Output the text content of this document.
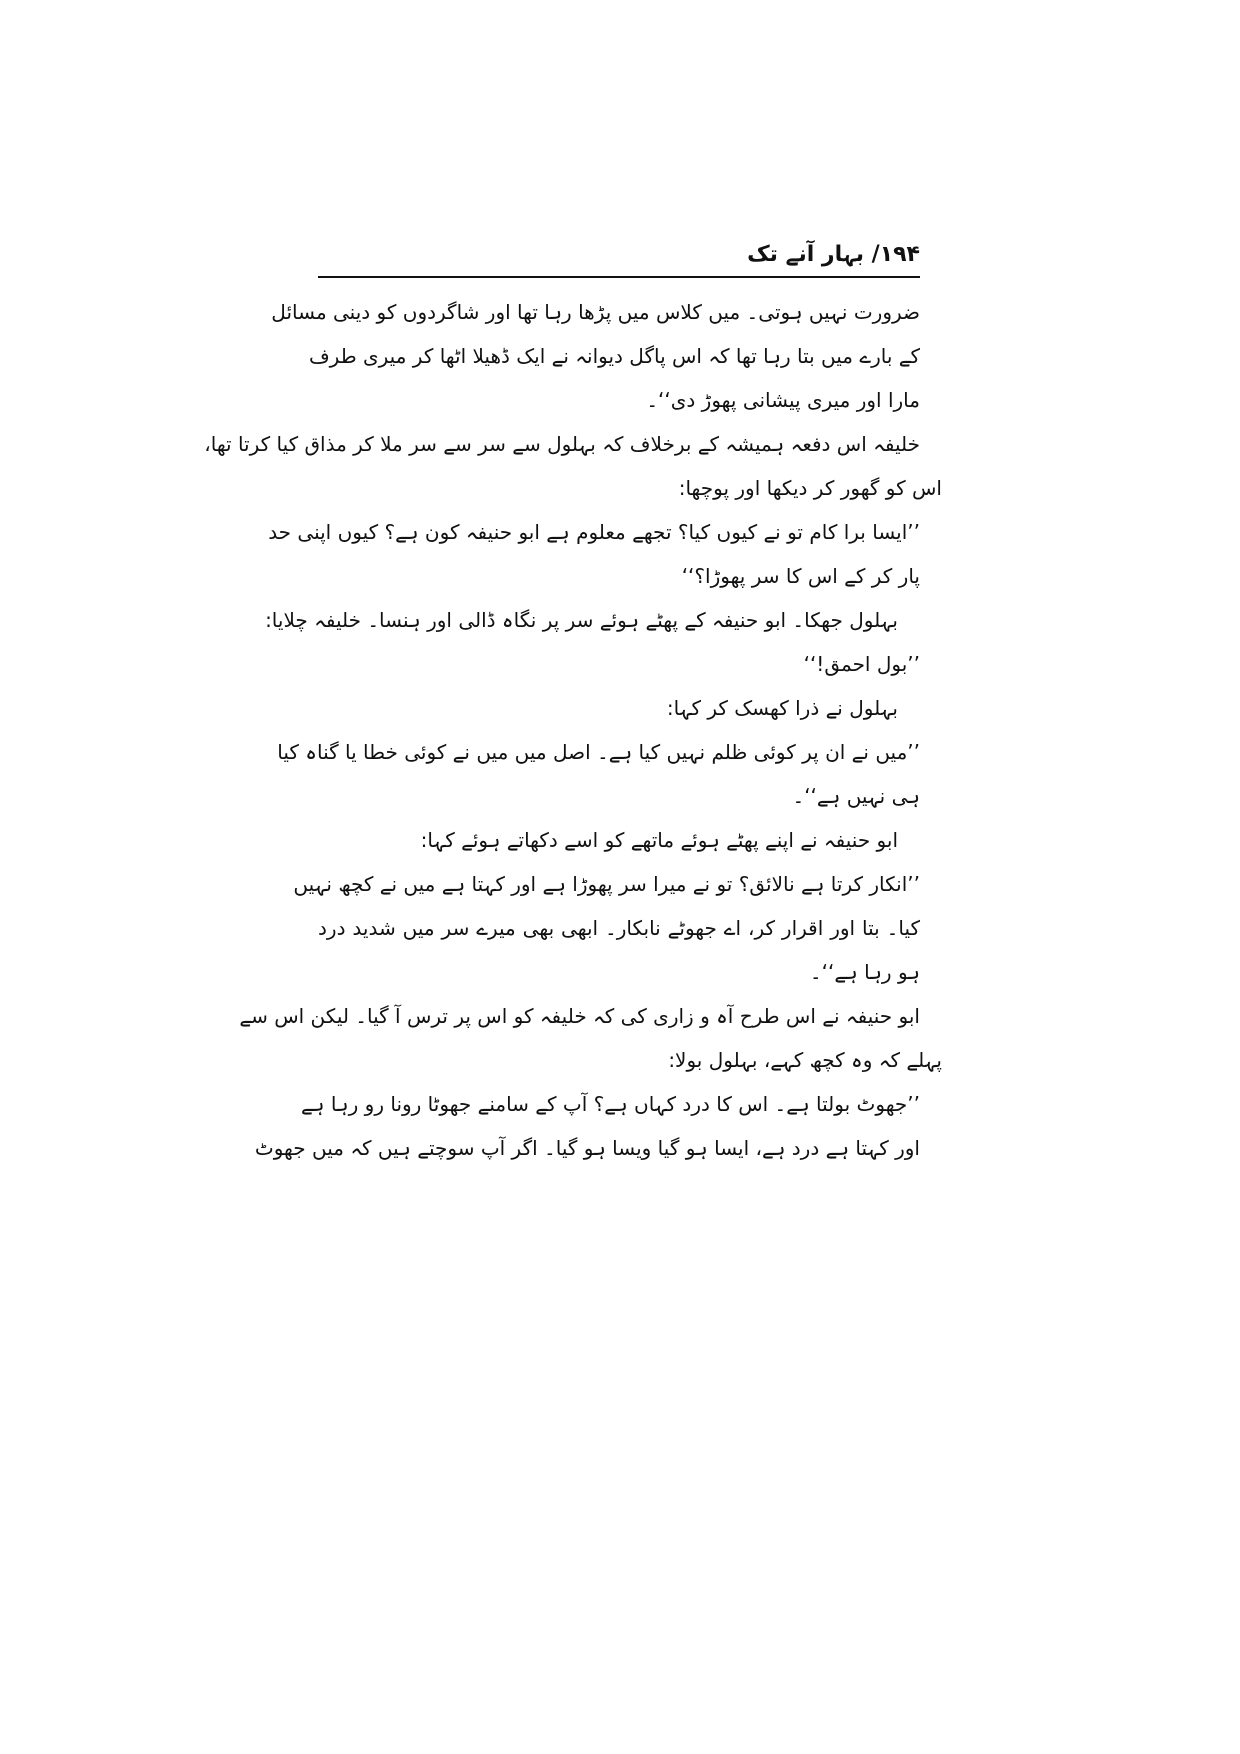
۱۹۴/ بہار آنے تک
ضرورت نہیں ہوتی۔ میں کلاس میں پڑھا رہا تھا اور شاگردوں کو دینی مسائل
کے بارے میں بتا رہا تھا کہ اس پاگل دیوانہ نے ایک ڈھیلا اٹھا کر میری طرف
مارا اور میری پیشانی پھوڑ دی‘‘۔
خلیفہ اس دفعہ ہمیشہ کے برخلاف کہ بہلول سے سر سے سر ملا کر مذاق کیا کرتا تھا،
اس کو گھور کر دیکھا اور پوچھا:
’’ایسا برا کام تو نے کیوں کیا؟ تجھے معلوم ہے ابو حنیفہ کون ہے؟ کیوں اپنی حد
پار کر کے اس کا سر پھوڑا؟‘‘
بہلول جھکا۔ ابو حنیفہ کے پھٹے ہوئے سر پر نگاہ ڈالی اور ہنسا۔ خلیفہ چلایا:
’’بول احمق!‘‘
بہلول نے ذرا کھسک کر کہا:
’’میں نے ان پر کوئی ظلم نہیں کیا ہے۔ اصل میں میں نے کوئی خطا یا گناہ کیا
ہی نہیں ہے‘‘۔
ابو حنیفہ نے اپنے پھٹے ہوئے ماتھے کو اسے دکھاتے ہوئے کہا:
’’انکار کرتا ہے نالائق؟ تو نے میرا سر پھوڑا ہے اور کہتا ہے میں نے کچھ نہیں
کیا۔ بتا اور اقرار کر، اے جھوٹے نابکار۔ ابھی بھی میرے سر میں شدید درد
ہو رہا ہے‘‘۔
ابو حنیفہ نے اس طرح آہ و زاری کی کہ خلیفہ کو اس پر ترس آ گیا۔ لیکن اس سے
پہلے کہ وہ کچھ کہے، بہلول بولا:
’’جھوٹ بولتا ہے۔ اس کا درد کہاں ہے؟ آپ کے سامنے جھوٹا رونا رو رہا ہے
اور کہتا ہے درد ہے، ایسا ہو گیا ویسا ہو گیا۔ اگر آپ سوچتے ہیں کہ میں جھوٹ
